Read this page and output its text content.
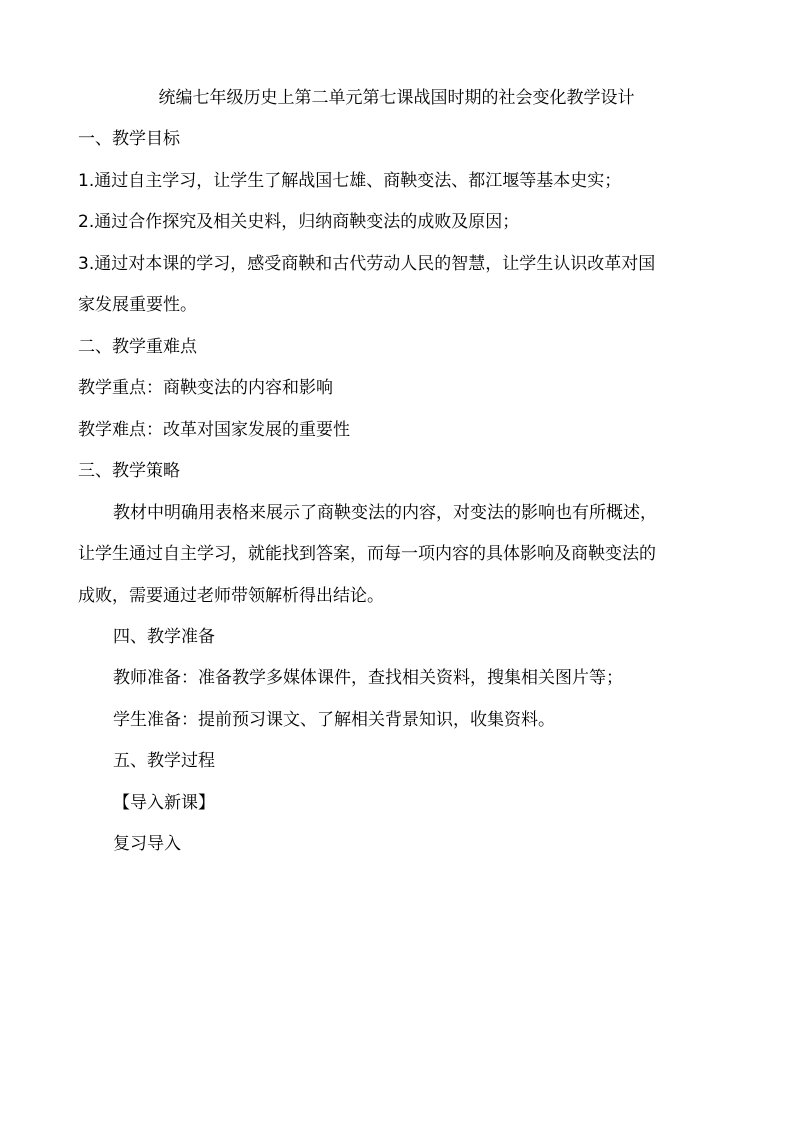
统编七年级历史上第二单元第七课战国时期的社会变化教学设计
一、教学目标

1.通过自主学习，让学生了解战国七雄、商鞅变法、都江堰等基本史实；

2.通过合作探究及相关史料，归纳商鞅变法的成败及原因；

3.通过对本课的学习，感受商鞅和古代劳动人民的智慧，让学生认识改革对国

家发展重要性。

二、教学重难点

教学重点：商鞅变法的内容和影响

教学难点：改革对国家发展的重要性

三、教学策略

教材中明确用表格来展示了商鞅变法的内容，对变法的影响也有所概述，

让学生通过自主学习，就能找到答案，而每一项内容的具体影响及商鞅变法的

成败，需要通过老师带领解析得出结论。

四、教学准备

教师准备：准备教学多媒体课件，查找相关资料，搜集相关图片等；

学生准备：提前预习课文、了解相关背景知识，收集资料。

五、教学过程

【导入新课】

复习导入
